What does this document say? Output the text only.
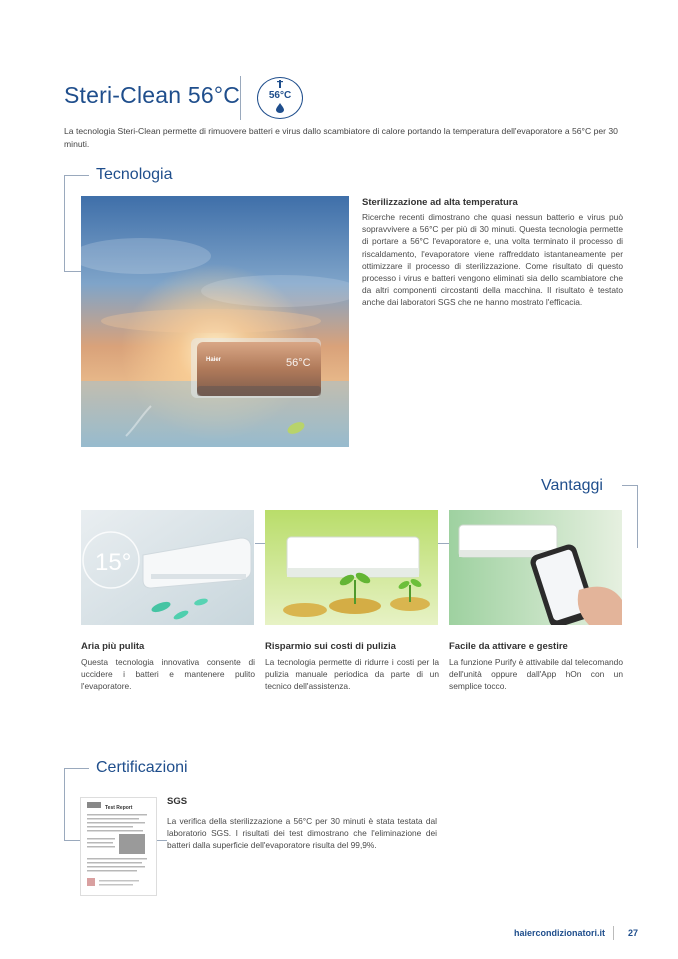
Steri-Clean 56°C	56°C
La tecnologia Steri-Clean permette di rimuovere batteri e virus dallo scambiatore di calore portando la temperatura dell'evaporatore a 56°C per 30 minuti.
Tecnologia
Haier	56°C
Sterilizzazione ad alta temperatura
Ricerche recenti dimostrano che quasi nessun batterio e virus può sopravvivere a 56°C per più di 30 minuti. Questa tecnologia permette di portare a 56°C l'evaporatore e, una volta terminato il processo di riscaldamento, l'evaporatore viene raffreddato istantaneamente per ottimizzare il processo di sterilizzazione. Come risultato di questo processo i virus e batteri vengono eliminati sia dello scambiatore che da altri componenti circostanti della macchina. Il risultato è testato anche dai laboratori SGS che ne hanno mostrato l'efficacia.
Vantaggi
15°
Aria più pulita
Questa tecnologia innovativa consente di uccidere i batteri e mantenere pulito l'evaporatore.
Risparmio sui costi di pulizia
La tecnologia permette di ridurre i costi per la pulizia manuale periodica da parte di un tecnico dell'assistenza.
Facile da attivare e gestire
La funzione Purify è attivabile dal telecomando dell'unità oppure dall'App hOn con un semplice tocco.
Certificazioni
Test Report
SGS
La verifica della sterilizzazione a 56°C per 30 minuti è stata testata dal laboratorio SGS. I risultati dei test dimostrano che l'eliminazione dei batteri dalla superficie dell'evaporatore risulta del 99,9%.
haiercondizionatori.it	27
